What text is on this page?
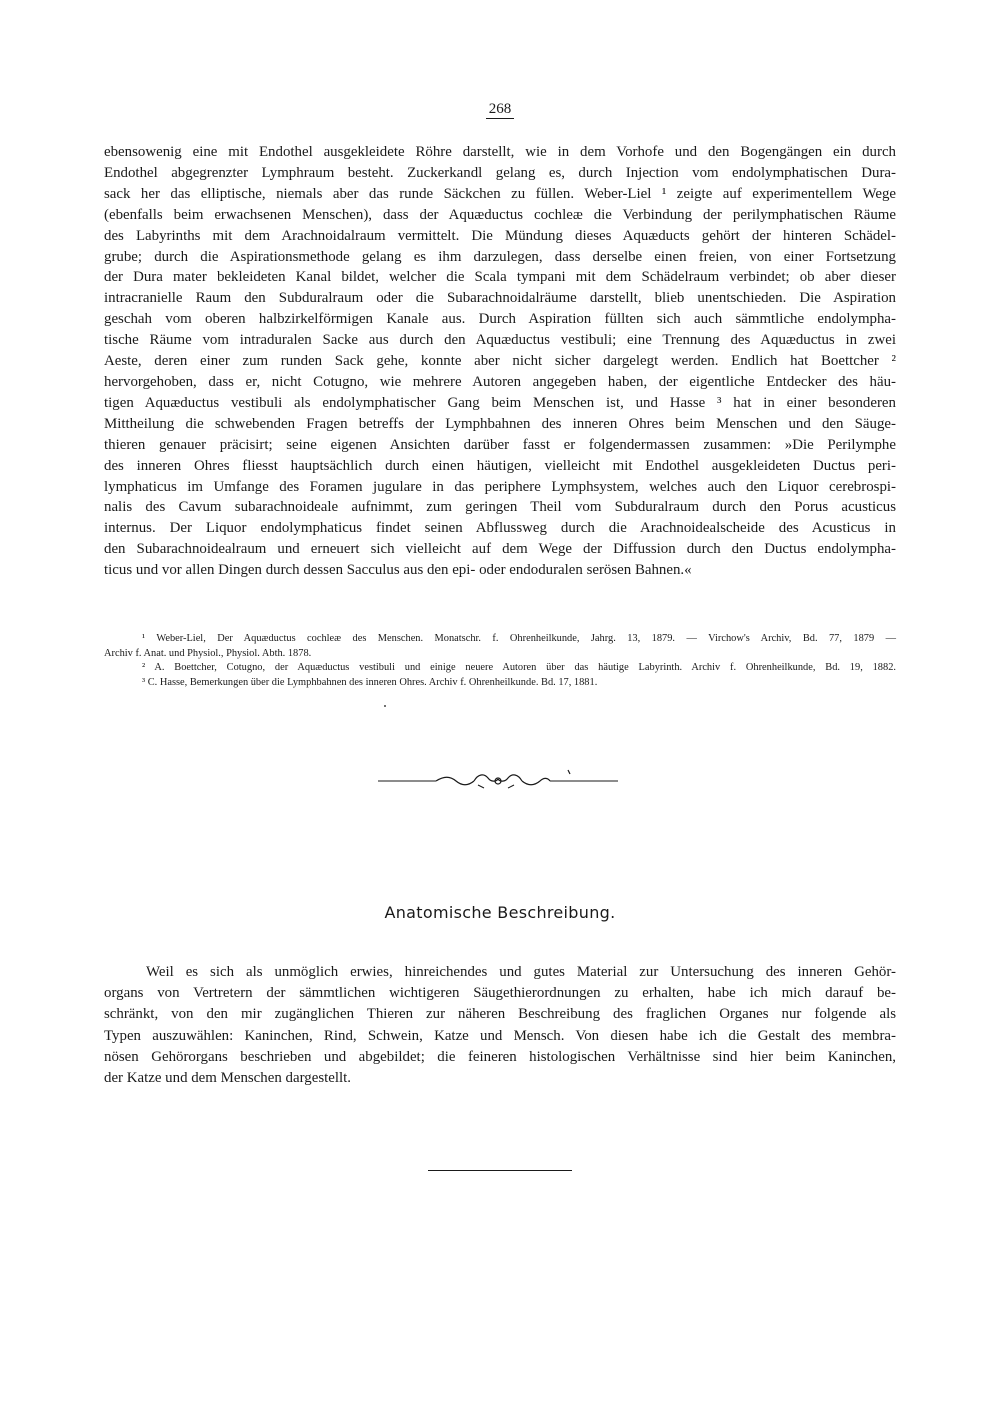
268
ebensowenig eine mit Endothel ausgekleidete Röhre darstellt, wie in dem Vorhofe und den Bogengängen ein durch
Endothel abgegrenzter Lymphraum besteht. Zuckerkandl gelang es, durch Injection vom endolymphatischen Dura-
sack her das elliptische, niemals aber das runde Säckchen zu füllen. Weber-Liel ¹ zeigte auf experimentellem Wege
(ebenfalls beim erwachsenen Menschen), dass der Aquæductus cochleæ die Verbindung der perilymphatischen Räume
des Labyrinths mit dem Arachnoidalraum vermittelt. Die Mündung dieses Aquæducts gehört der hinteren Schädel-
grube; durch die Aspirationsmethode gelang es ihm darzulegen, dass derselbe einen freien, von einer Fortsetzung
der Dura mater bekleideten Kanal bildet, welcher die Scala tympani mit dem Schädelraum verbindet; ob aber dieser
intracranielle Raum den Subduralraum oder die Subarachnoidalräume darstellt, blieb unentschieden. Die Aspiration
geschah vom oberen halbzirkelförmigen Kanale aus. Durch Aspiration füllten sich auch sämmtliche endolympha-
tische Räume vom intraduralen Sacke aus durch den Aquæductus vestibuli; eine Trennung des Aquæductus in zwei
Aeste, deren einer zum runden Sack gehe, konnte aber nicht sicher dargelegt werden. Endlich hat Boettcher ²
hervorgehoben, dass er, nicht Cotugno, wie mehrere Autoren angegeben haben, der eigentliche Entdecker des häu-
tigen Aquæductus vestibuli als endolymphatischer Gang beim Menschen ist, und Hasse ³ hat in einer besonderen
Mittheilung die schwebenden Fragen betreffs der Lymphbahnen des inneren Ohres beim Menschen und den Säuge-
thieren genauer präcisirt; seine eigenen Ansichten darüber fasst er folgendermassen zusammen: »Die Perilymphe
des inneren Ohres fliesst hauptsächlich durch einen häutigen, vielleicht mit Endothel ausgekleideten Ductus peri-
lymphaticus im Umfange des Foramen jugulare in das periphere Lymphsystem, welches auch den Liquor cerebrospi-
nalis des Cavum subarachnoideale aufnimmt, zum geringen Theil vom Subduralraum durch den Porus acusticus
internus. Der Liquor endolymphaticus findet seinen Abflussweg durch die Arachnoidealscheide des Acusticus in
den Subarachnoidealraum und erneuert sich vielleicht auf dem Wege der Diffussion durch den Ductus endolympha-
ticus und vor allen Dingen durch dessen Sacculus aus den epi- oder endoduralen serösen Bahnen.«
¹ Weber-Liel, Der Aquæductus cochleæ des Menschen. Monatschr. f. Ohrenheilkunde, Jahrg. 13, 1879. — Virchow's Archiv, Bd. 77, 1879 —
Archiv f. Anat. und Physiol., Physiol. Abth. 1878.
² A. Boettcher, Cotugno, der Aquæductus vestibuli und einige neuere Autoren über das häutige Labyrinth. Archiv f. Ohrenheilkunde, Bd. 19, 1882.
³ C. Hasse, Bemerkungen über die Lymphbahnen des inneren Ohres. Archiv f. Ohrenheilkunde. Bd. 17, 1881.
Anatomische Beschreibung.
Weil es sich als unmöglich erwies, hinreichendes und gutes Material zur Untersuchung des inneren Gehör-
organs von Vertretern der sämmtlichen wichtigeren Säugethierordnungen zu erhalten, habe ich mich darauf be-
schränkt, von den mir zugänglichen Thieren zur näheren Beschreibung des fraglichen Organes nur folgende als
Typen auszuwählen: Kaninchen, Rind, Schwein, Katze und Mensch. Von diesen habe ich die Gestalt des membra-
nösen Gehörorgans beschrieben und abgebildet; die feineren histologischen Verhältnisse sind hier beim Kaninchen,
der Katze und dem Menschen dargestellt.
